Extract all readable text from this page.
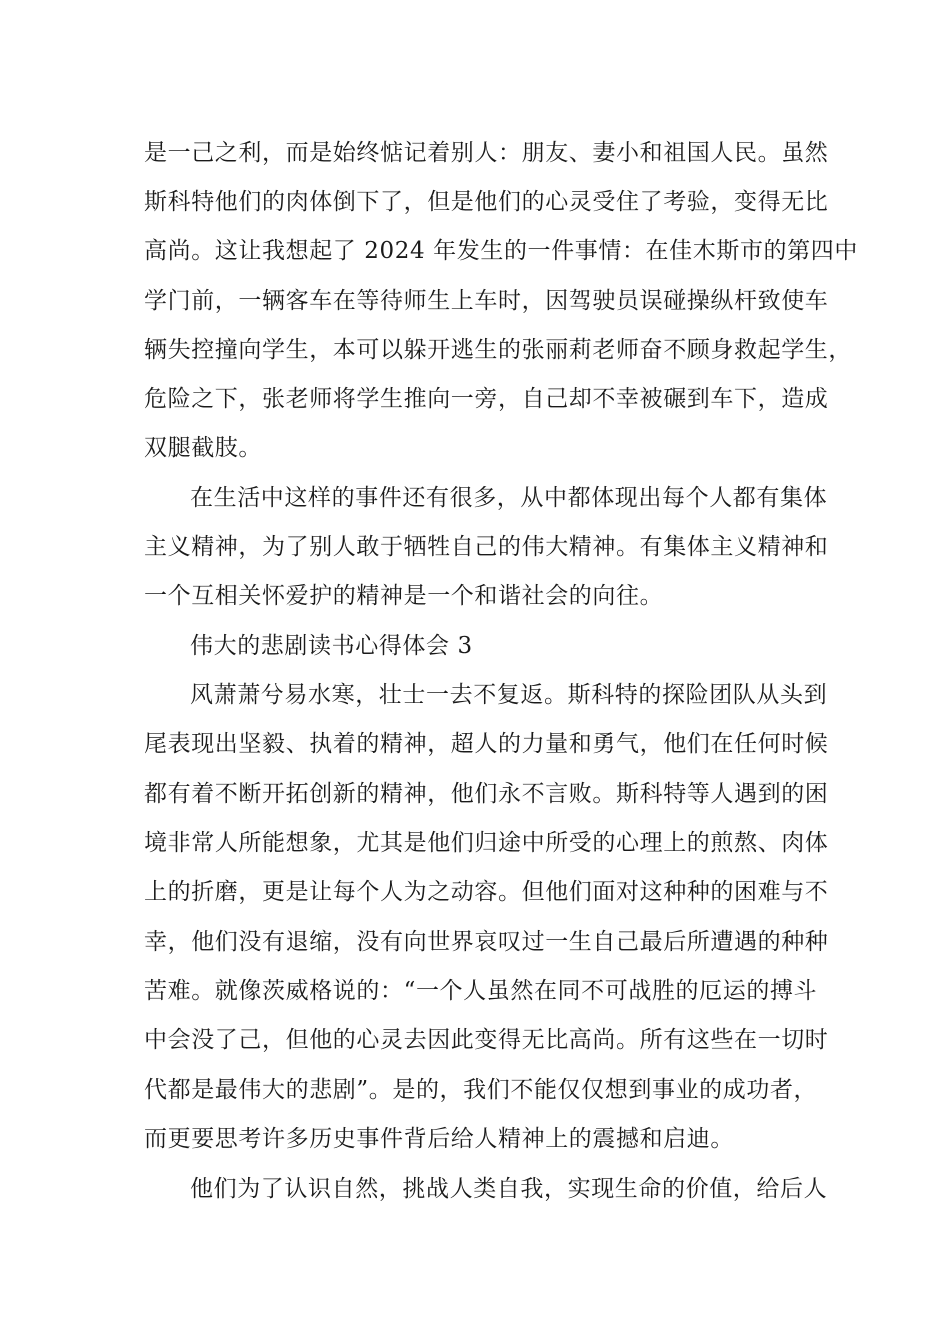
是一己之利，而是始终惦记着别人：朋友、妻小和祖国人民。虽然
斯科特他们的肉体倒下了，但是他们的心灵受住了考验，变得无比
高尚。这让我想起了 2024 年发生的一件事情：在佳木斯市的第四中
学门前，一辆客车在等待师生上车时，因驾驶员误碰操纵杆致使车
辆失控撞向学生，本可以躲开逃生的张丽莉老师奋不顾身救起学生，
危险之下，张老师将学生推向一旁，自己却不幸被碾到车下，造成
双腿截肢。
在生活中这样的事件还有很多，从中都体现出每个人都有集体
主义精神，为了别人敢于牺牲自己的伟大精神。有集体主义精神和
一个互相关怀爱护的精神是一个和谐社会的向往。
伟大的悲剧读书心得体会 3
风萧萧兮易水寒，壮士一去不复返。斯科特的探险团队从头到
尾表现出坚毅、执着的精神，超人的力量和勇气，他们在任何时候
都有着不断开拓创新的精神，他们永不言败。斯科特等人遇到的困
境非常人所能想象，尤其是他们归途中所受的心理上的煎熬、肉体
上的折磨，更是让每个人为之动容。但他们面对这种种的困难与不
幸，他们没有退缩，没有向世界哀叹过一生自己最后所遭遇的种种
苦难。就像茨威格说的：“一个人虽然在同不可战胜的厄运的搏斗
中会没了己，但他的心灵去因此变得无比高尚。所有这些在一切时
代都是最伟大的悲剧”。是的，我们不能仅仅想到事业的成功者，
而更要思考许多历史事件背后给人精神上的震撼和启迪。
他们为了认识自然，挑战人类自我，实现生命的价值，给后人
